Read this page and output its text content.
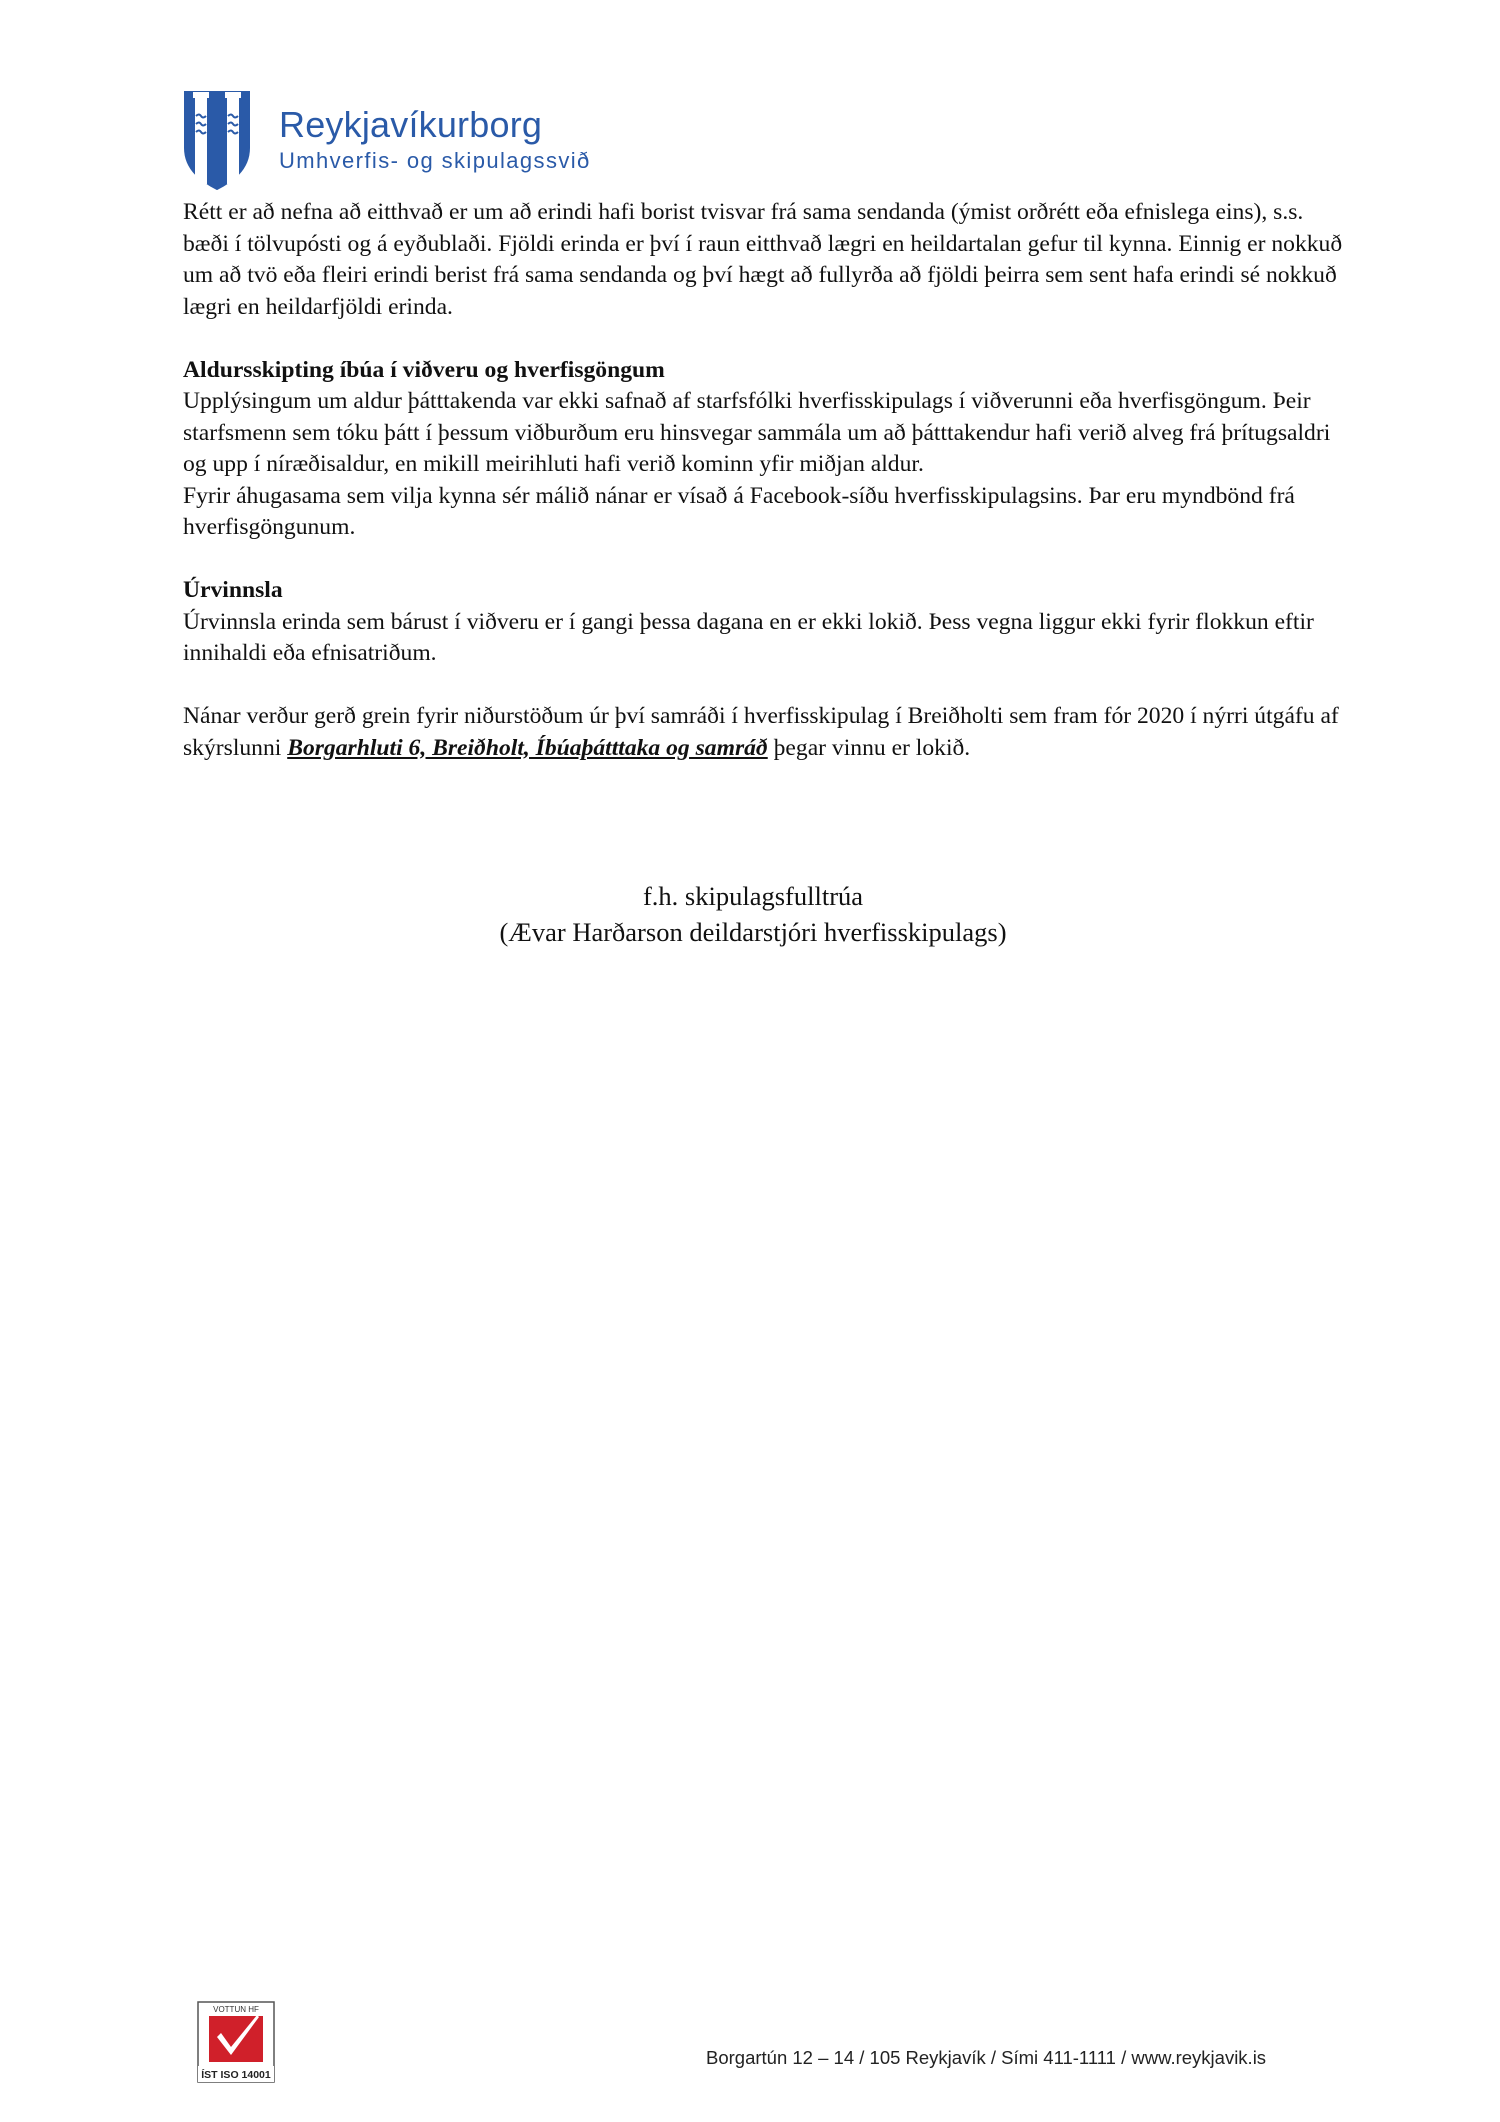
Reykjavíkurborg
Umhverfis- og skipulagssvið

Rétt er að nefna að eitthvað er um að erindi hafi borist tvisvar frá sama sendanda (ýmist orðrétt eða efnislega eins), s.s. bæði í tölvupósti og á eyðublaði. Fjöldi erinda er því í raun eitthvað lægri en heildartalan gefur til kynna. Einnig er nokkuð um að tvö eða fleiri erindi berist frá sama sendanda og því hægt að fullyrða að fjöldi þeirra sem sent hafa erindi sé nokkuð lægri en heildarfjöldi erinda.

Aldursskipting íbúa í viðveru og hverfisgöngum
Upplýsingum um aldur þátttakenda var ekki safnað af starfsfólki hverfisskipulags í viðverunni eða hverfisgöngum. Þeir starfsmenn sem tóku þátt í þessum viðburðum eru hinsvegar sammála um að þátttakendur hafi verið alveg frá þrítugsaldri og upp í níræðisaldur, en mikill meirihluti hafi verið kominn yfir miðjan aldur.
Fyrir áhugasama sem vilja kynna sér málið nánar er vísað á Facebook-síðu hverfisskipulagsins. Þar eru myndbönd frá hverfisgöngunum.

Úrvinnsla
Úrvinnsla erinda sem bárust í viðveru er í gangi þessa dagana en er ekki lokið. Þess vegna liggur ekki fyrir flokkun eftir innihaldi eða efnisatriðum.

Nánar verður gerð grein fyrir niðurstöðum úr því samráði í hverfisskipulag í Breiðholti sem fram fór 2020 í nýrri útgáfu af skýrslunni Borgarhluti 6, Breiðholt, Íbúaþátttaka og samráð þegar vinnu er lokið.

f.h. skipulagsfulltrúa
(Ævar Harðarson deildarstjóri hverfisskipulags)
VOTTUN HF
ÍST ISO 14001
Borgartún 12 – 14 / 105 Reykjavík / Sími 411-1111 / www.reykjavik.is
